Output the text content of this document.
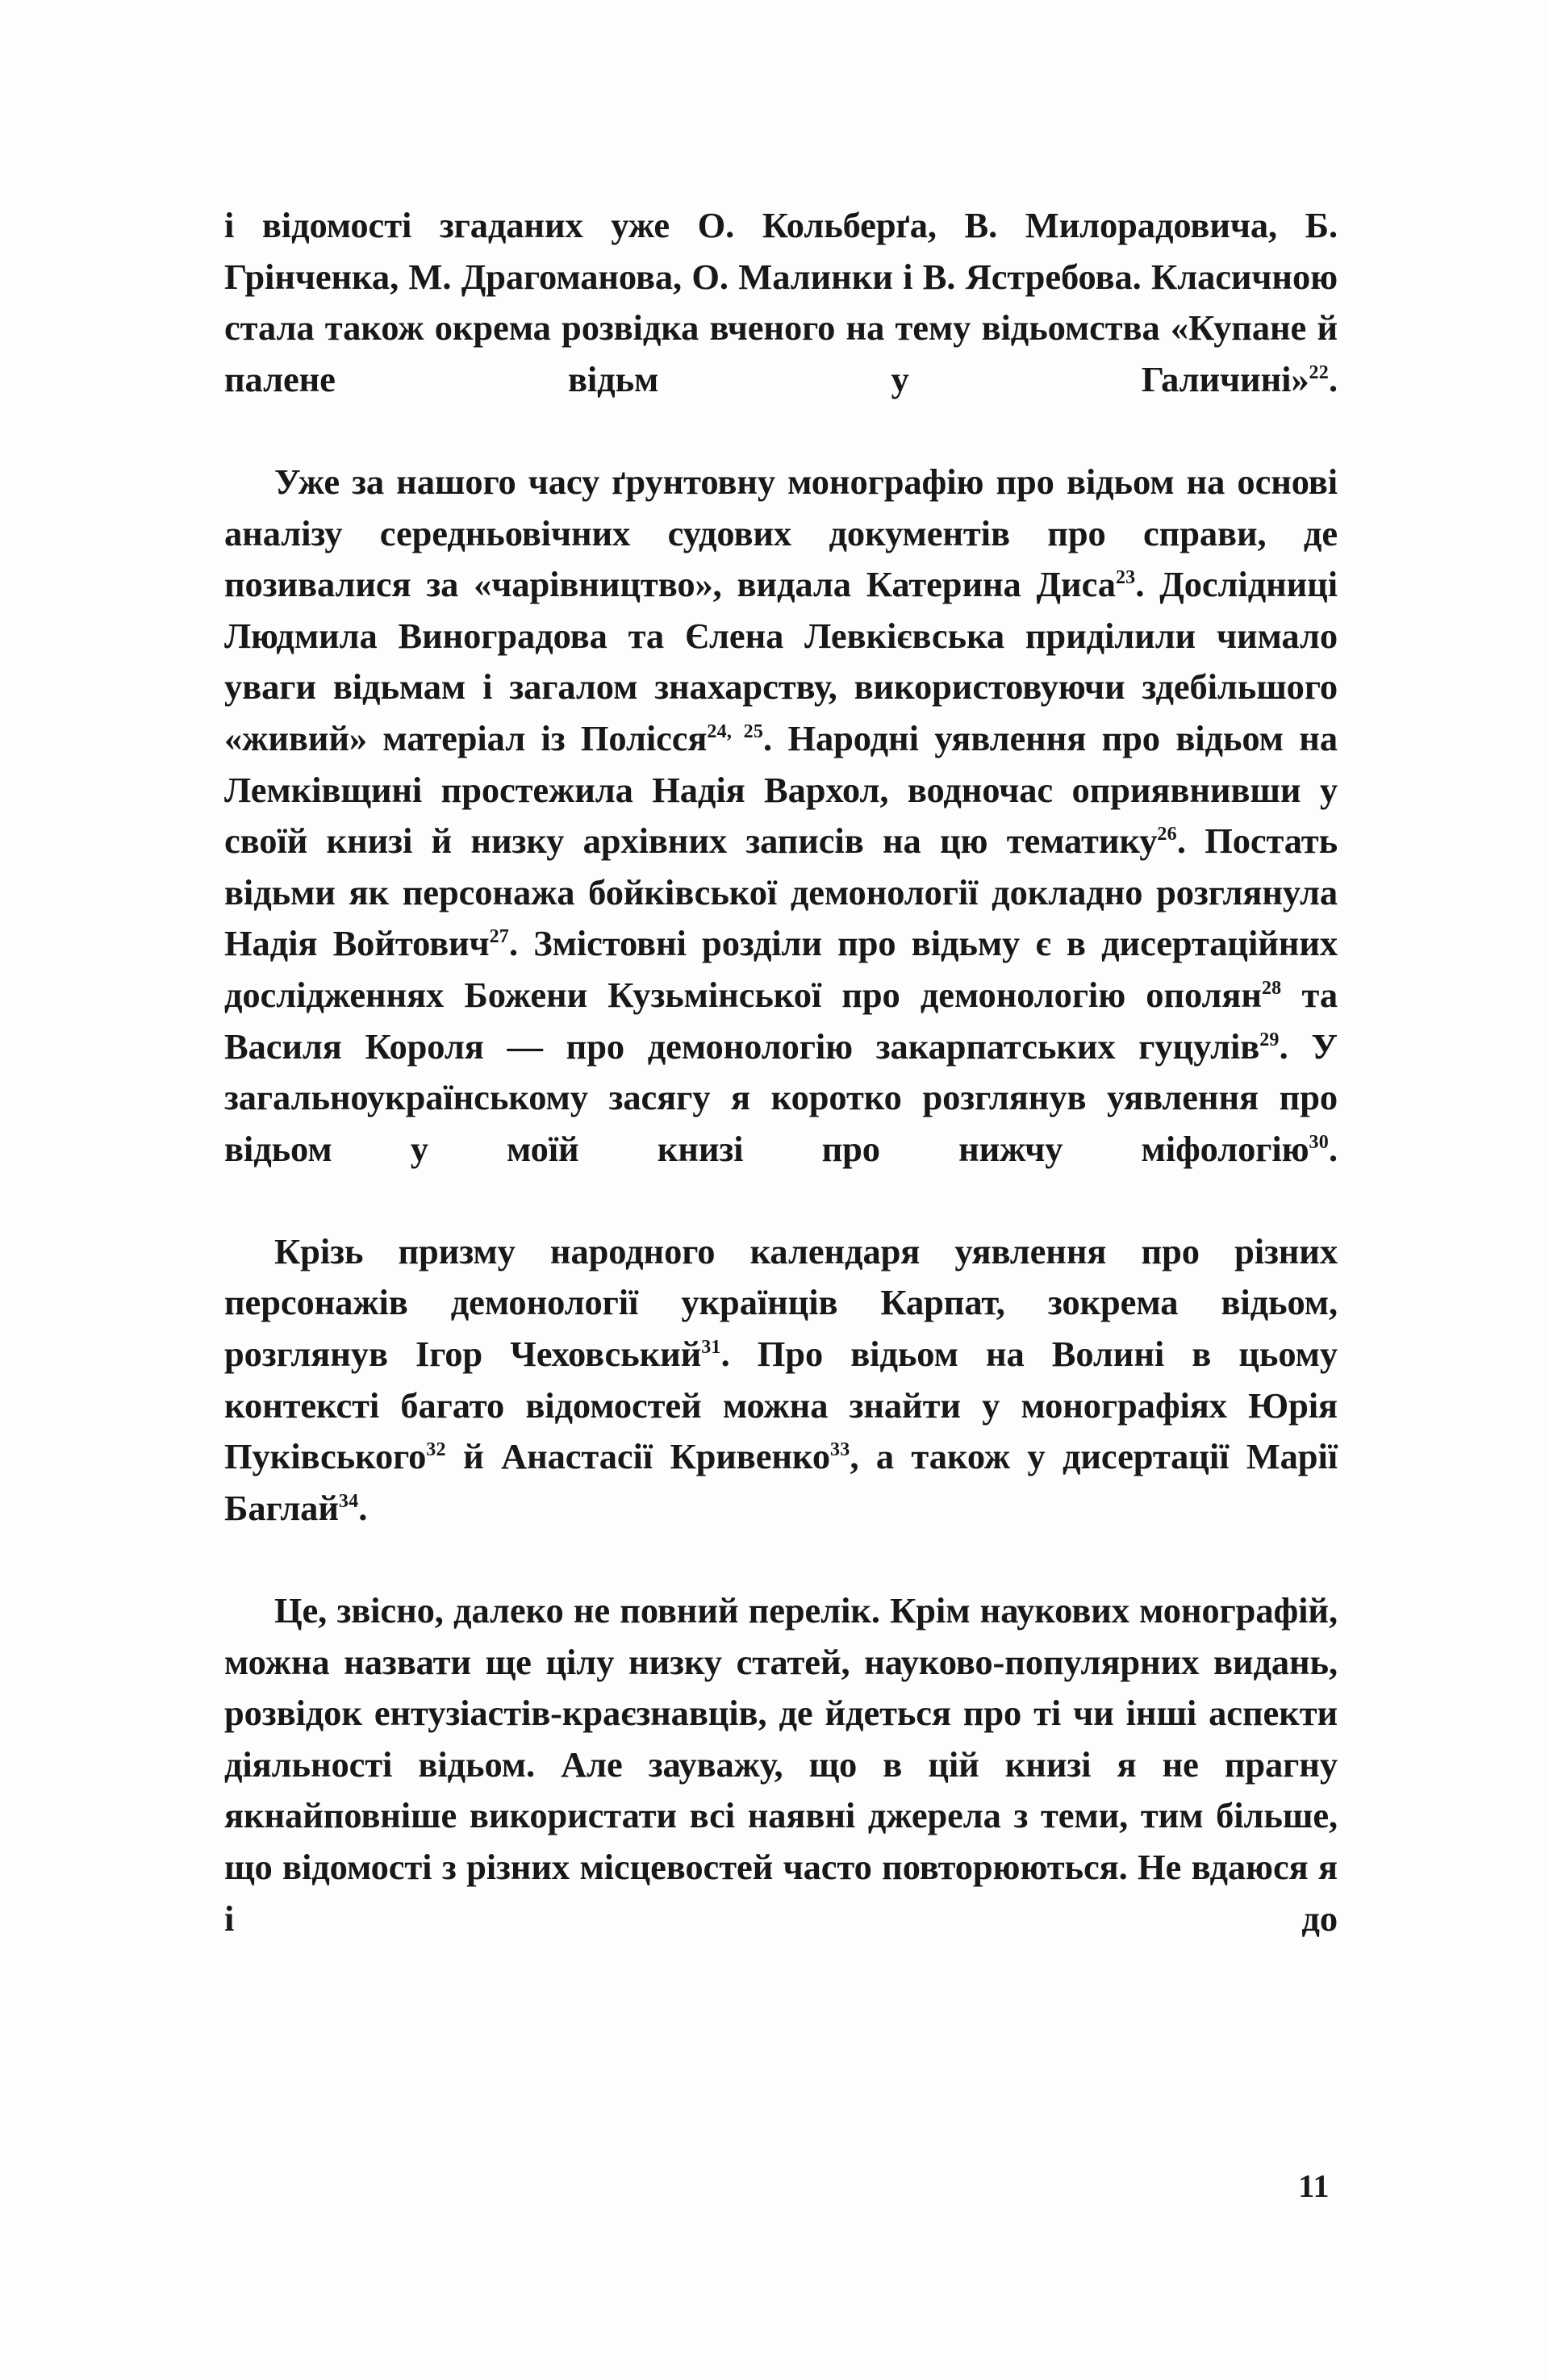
і відомості згаданих уже О. Кольберґа, В. Милорадовича, Б. Грінченка, М. Драгоманова, О. Малинки і В. Ястребова. Класичною стала також окрема розвідка вченого на тему відьомства «Купане й палене відьм у Галичині»$^{22}$.

Уже за нашого часу ґрунтовну монографію про відьом на основі аналізу середньовічних судових документів про справи, де позивалися за «чарівництво», видала Катерина Диса$^{23}$. Дослідниці Людмила Виноградова та Єлена Левкієвська приділили чимало уваги відьмам і загалом знахарству, використовуючи здебільшого «живий» матеріал із Полісся$^{24, 25}$. Народні уявлення про відьом на Лемківщині простежила Надія Вархол, водночас оприявнивши у своїй книзі й низку архівних записів на цю тематику$^{26}$. Постать відьми як персонажа бойківської демонології докладно розглянула Надія Войтович$^{27}$. Змістовні розділи про відьму є в дисертаційних дослідженнях Божени Кузьмінської про демонологію ополян$^{28}$ та Василя Короля — про демонологію закарпатських гуцулів$^{29}$. У загальноукраїнському засягу я коротко розглянув уявлення про відьом у моїй книзі про нижчу міфологію$^{30}$.

Крізь призму народного календаря уявлення про різних персонажів демонології українців Карпат, зокрема відьом, розглянув Ігор Чеховський$^{31}$. Про відьом на Волині в цьому контексті багато відомостей можна знайти у монографіях Юрія Пуківського$^{32}$ й Анастасії Кривенко$^{33}$, а також у дисертації Марії Баглай$^{34}$.

Це, звісно, далеко не повний перелік. Крім наукових монографій, можна назвати ще цілу низку статей, науково-популярних видань, розвідок ентузіастів-краєзнавців, де йдеться про ті чи інші аспекти діяльності відьом. Але зауважу, що в цій книзі я не прагну якнайповніше використати всі наявні джерела з теми, тим більше, що відомості з різних місцевостей часто повторюються. Не вдаюся я і до

11
